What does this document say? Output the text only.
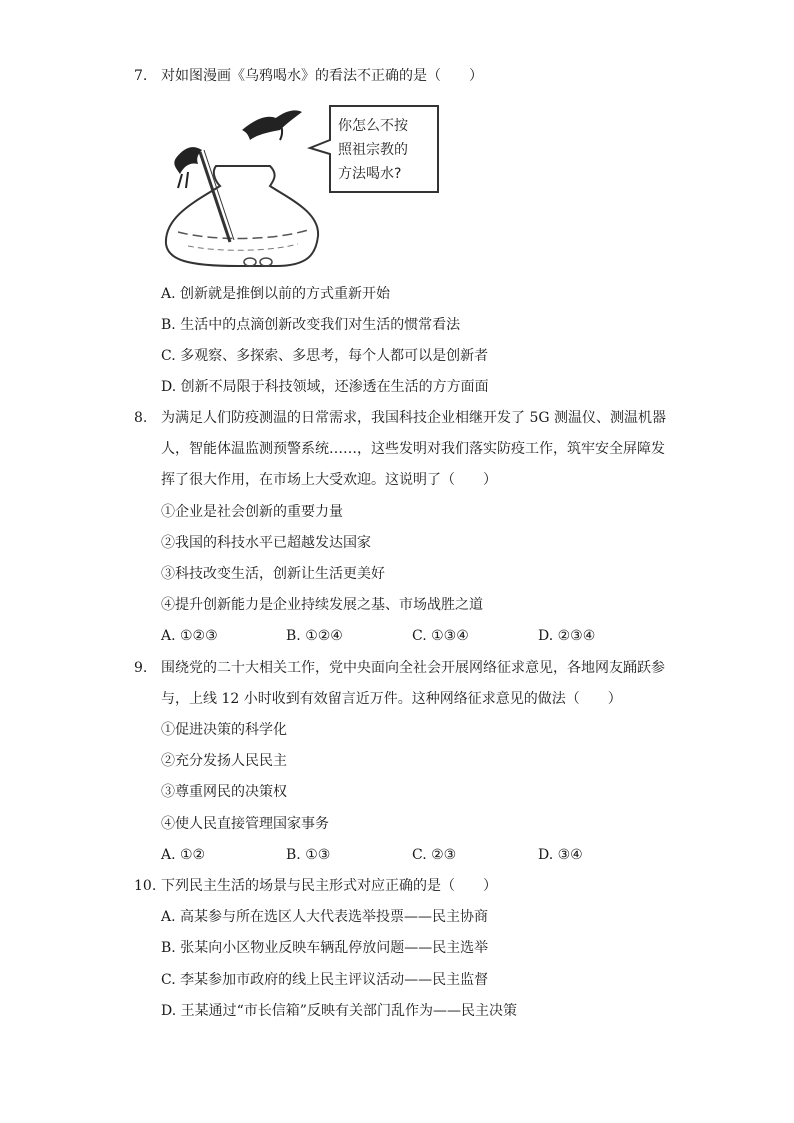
7. 对如图漫画《乌鸦喝水》的看法不正确的是（　　）
你怎么不按
照祖宗教的
方法喝水?
A. 创新就是推倒以前的方式重新开始
B. 生活中的点滴创新改变我们对生活的惯常看法
C. 多观察、多探索、多思考，每个人都可以是创新者
D. 创新不局限于科技领域，还渗透在生活的方方面面
8. 为满足人们防疫测温的日常需求，我国科技企业相继开发了 5G 测温仪、测温机器
人，智能体温监测预警系统……，这些发明对我们落实防疫工作，筑牢安全屏障发
挥了很大作用，在市场上大受欢迎。这说明了（　　）
①企业是社会创新的重要力量
②我国的科技水平已超越发达国家
③科技改变生活，创新让生活更美好
④提升创新能力是企业持续发展之基、市场战胜之道
A. ①②③	B. ①②④	C. ①③④	D. ②③④
9. 围绕党的二十大相关工作，党中央面向全社会开展网络征求意见，各地网友踊跃参
与，上线 12 小时收到有效留言近万件。这种网络征求意见的做法（　　）
①促进决策的科学化
②充分发扬人民民主
③尊重网民的决策权
④使人民直接管理国家事务
A. ①②	B. ①③	C. ②③	D. ③④
10. 下列民主生活的场景与民主形式对应正确的是（　　）
A. 高某参与所在选区人大代表选举投票——民主协商
B. 张某向小区物业反映车辆乱停放问题——民主选举
C. 李某参加市政府的线上民主评议活动——民主监督
D. 王某通过“市长信箱”反映有关部门乱作为——民主决策
